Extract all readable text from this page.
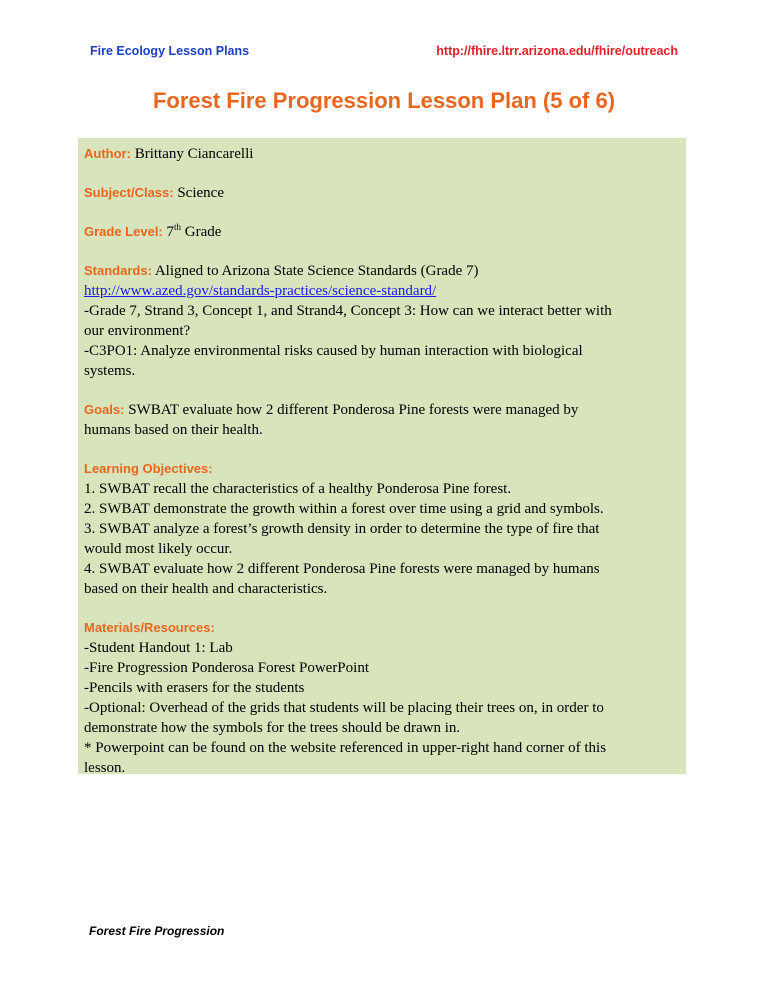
Fire Ecology Lesson Plans	http://fhire.ltrr.arizona.edu/fhire/outreach
Forest Fire Progression Lesson Plan (5 of 6)
Author: Brittany Ciancarelli
Subject/Class: Science
Grade Level: 7th Grade
Standards: Aligned to Arizona State Science Standards (Grade 7)
http://www.azed.gov/standards-practices/science-standard/
-Grade 7, Strand 3, Concept 1, and Strand4, Concept 3: How can we interact better with
our environment?
-C3PO1: Analyze environmental risks caused by human interaction with biological
systems.
Goals: SWBAT evaluate how 2 different Ponderosa Pine forests were managed by
humans based on their health.
Learning Objectives:
1. SWBAT recall the characteristics of a healthy Ponderosa Pine forest.
2. SWBAT demonstrate the growth within a forest over time using a grid and symbols.
3. SWBAT analyze a forest’s growth density in order to determine the type of fire that
would most likely occur.
4. SWBAT evaluate how 2 different Ponderosa Pine forests were managed by humans
based on their health and characteristics.
Materials/Resources:
-Student Handout 1: Lab
-Fire Progression Ponderosa Forest PowerPoint
-Pencils with erasers for the students
-Optional: Overhead of the grids that students will be placing their trees on, in order to
demonstrate how the symbols for the trees should be drawn in.
* Powerpoint can be found on the website referenced in upper-right hand corner of this
lesson.
Forest Fire Progression
